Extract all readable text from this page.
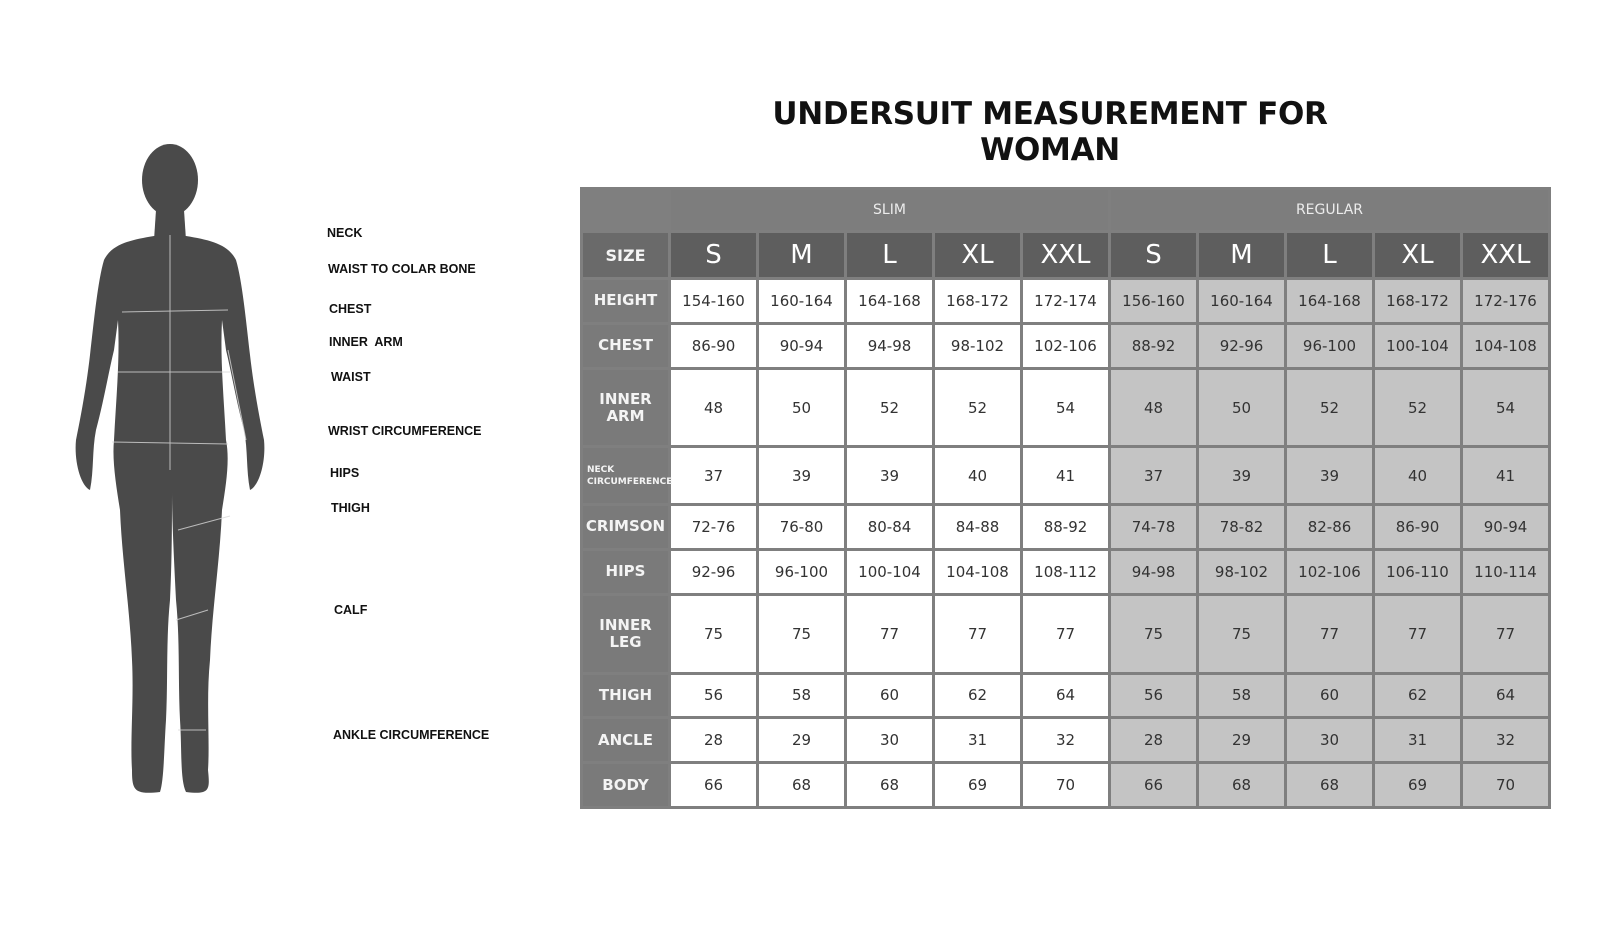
UNDERSUIT MEASUREMENT FOR WOMAN
NECK
WAIST TO COLAR BONE
CHEST
INNER  ARM
WAIST
WRIST CIRCUMFERENCE
HIPS
THIGH
CALF
ANKLE CIRCUMFERENCE
	SLIM					REGULAR				
SIZE	S	M	L	XL	XXL	S	M	L	XL	XXL
HEIGHT	154-160	160-164	164-168	168-172	172-174	156-160	160-164	164-168	168-172	172-176
CHEST	86-90	90-94	94-98	98-102	102-106	88-92	92-96	96-100	100-104	104-108
INNER ARM	48	50	52	52	54	48	50	52	52	54
NECK CIRCUMFERENCE	37	39	39	40	41	37	39	39	40	41
CRIMSON	72-76	76-80	80-84	84-88	88-92	74-78	78-82	82-86	86-90	90-94
HIPS	92-96	96-100	100-104	104-108	108-112	94-98	98-102	102-106	106-110	110-114
INNER LEG	75	75	77	77	77	75	75	77	77	77
THIGH	56	58	60	62	64	56	58	60	62	64
ANCLE	28	29	30	31	32	28	29	30	31	32
BODY	66	68	68	69	70	66	68	68	69	70
